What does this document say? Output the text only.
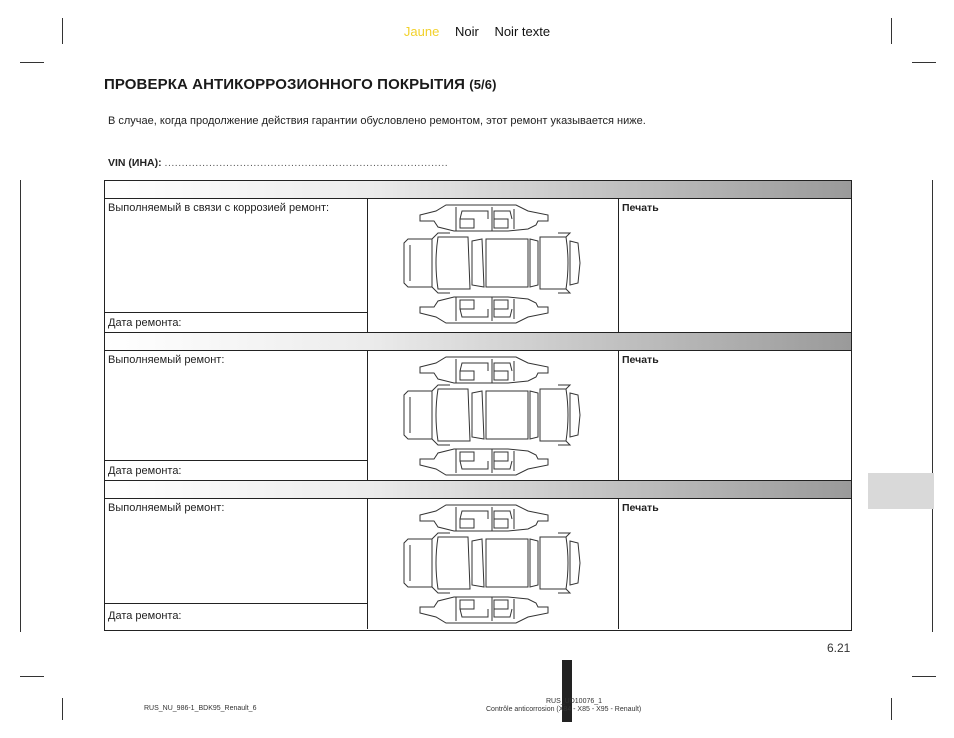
Jaune Noir Noir texte
ПРОВЕРКА АНТИКОРРОЗИОННОГО ПОКРЫТИЯ (5/6)
В случае, когда продолжение действия гарантии обусловлено ремонтом, этот ремонт указывается ниже.
VIN (ИНА): ...................................................................................
Выполняемый в связи с коррозией ремонт:
Дата ремонта:
Печать
Выполняемый ремонт:
Дата ремонта:
Печать
Выполняемый ремонт:
Дата ремонта:
Печать
6.21
RUS_NU_986-1_BDK95_Renault_6
RUS_UD10076_1
Contrôle anticorrosion (X84 - X85 - X95 - Renault)
